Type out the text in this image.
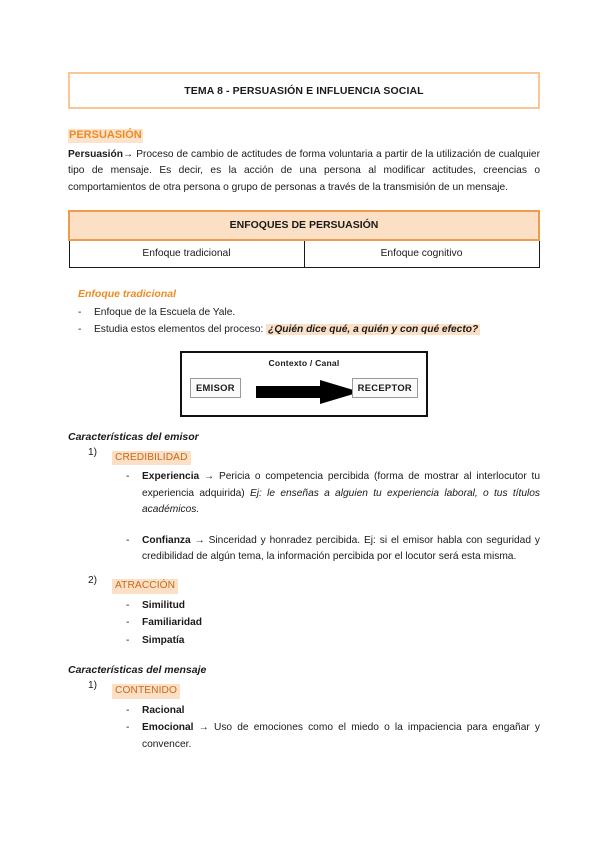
TEMA 8 - PERSUASIÓN E INFLUENCIA SOCIAL
PERSUASIÓN

Persuasión→ Proceso de cambio de actitudes de forma voluntaria a partir de la utilización de cualquier tipo de mensaje. Es decir, es la acción de una persona al modificar actitudes, creencias o comportamientos de otra persona o grupo de personas a través de la transmisión de un mensaje.

ENFOQUES DE PERSUASIÓN
Enfoque tradicional	Enfoque cognitivo
Enfoque tradicional
- Enfoque de la Escuela de Yale.
- Estudia estos elementos del proceso: ¿Quién dice qué, a quién y con qué efecto?
Contexto / Canal
EMISOR	RECEPTOR
Características del emisor
1) CREDIBILIDAD
- Experiencia → Pericia o competencia percibida (forma de mostrar al interlocutor tu experiencia adquirida) Ej: le enseñas a alguien tu experiencia laboral, o tus títulos académicos.
- Confianza → Sinceridad y honradez percibida. Ej: si el emisor habla con seguridad y credibilidad de algún tema, la información percibida por el locutor será esta misma.
2) ATRACCIÓN
- Similitud
- Familiaridad
- Simpatía
Características del mensaje
1) CONTENIDO
- Racional
- Emocional → Uso de emociones como el miedo o la impaciencia para engañar y convencer.
